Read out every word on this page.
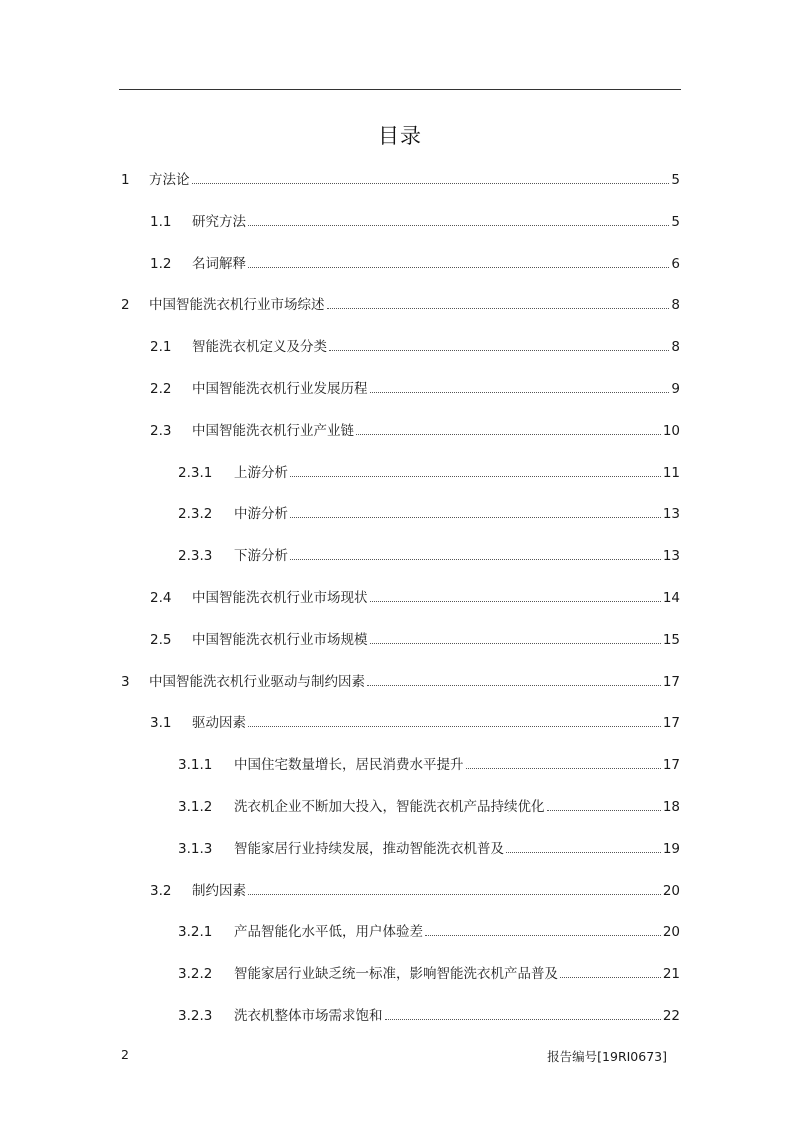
目录
1	方法论	5
1.1	研究方法	5
1.2	名词解释	6
2	中国智能洗衣机行业市场综述	8
2.1	智能洗衣机定义及分类	8
2.2	中国智能洗衣机行业发展历程	9
2.3	中国智能洗衣机行业产业链	10
2.3.1	上游分析	11
2.3.2	中游分析	13
2.3.3	下游分析	13
2.4	中国智能洗衣机行业市场现状	14
2.5	中国智能洗衣机行业市场规模	15
3	中国智能洗衣机行业驱动与制约因素	17
3.1	驱动因素	17
3.1.1	中国住宅数量增长，居民消费水平提升	17
3.1.2	洗衣机企业不断加大投入，智能洗衣机产品持续优化	18
3.1.3	智能家居行业持续发展，推动智能洗衣机普及	19
3.2	制约因素	20
3.2.1	产品智能化水平低，用户体验差	20
3.2.2	智能家居行业缺乏统一标准，影响智能洗衣机产品普及	21
3.2.3	洗衣机整体市场需求饱和	22
2	报告编号[19RI0673]
